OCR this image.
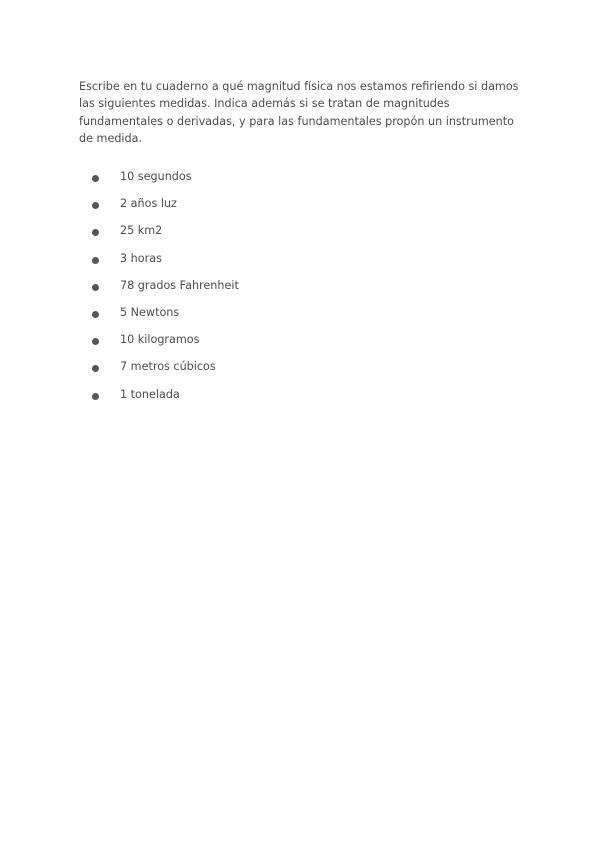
Escribe en tu cuaderno a qué magnitud física nos estamos refiriendo si damos las siguientes medidas. Indica además si se tratan de magnitudes fundamentales o derivadas, y para las fundamentales propón un instrumento de medida.

10 segundos
2 años luz
25 km2
3 horas
78 grados Fahrenheit
5 Newtons
10 kilogramos
7 metros cúbicos
1 tonelada
